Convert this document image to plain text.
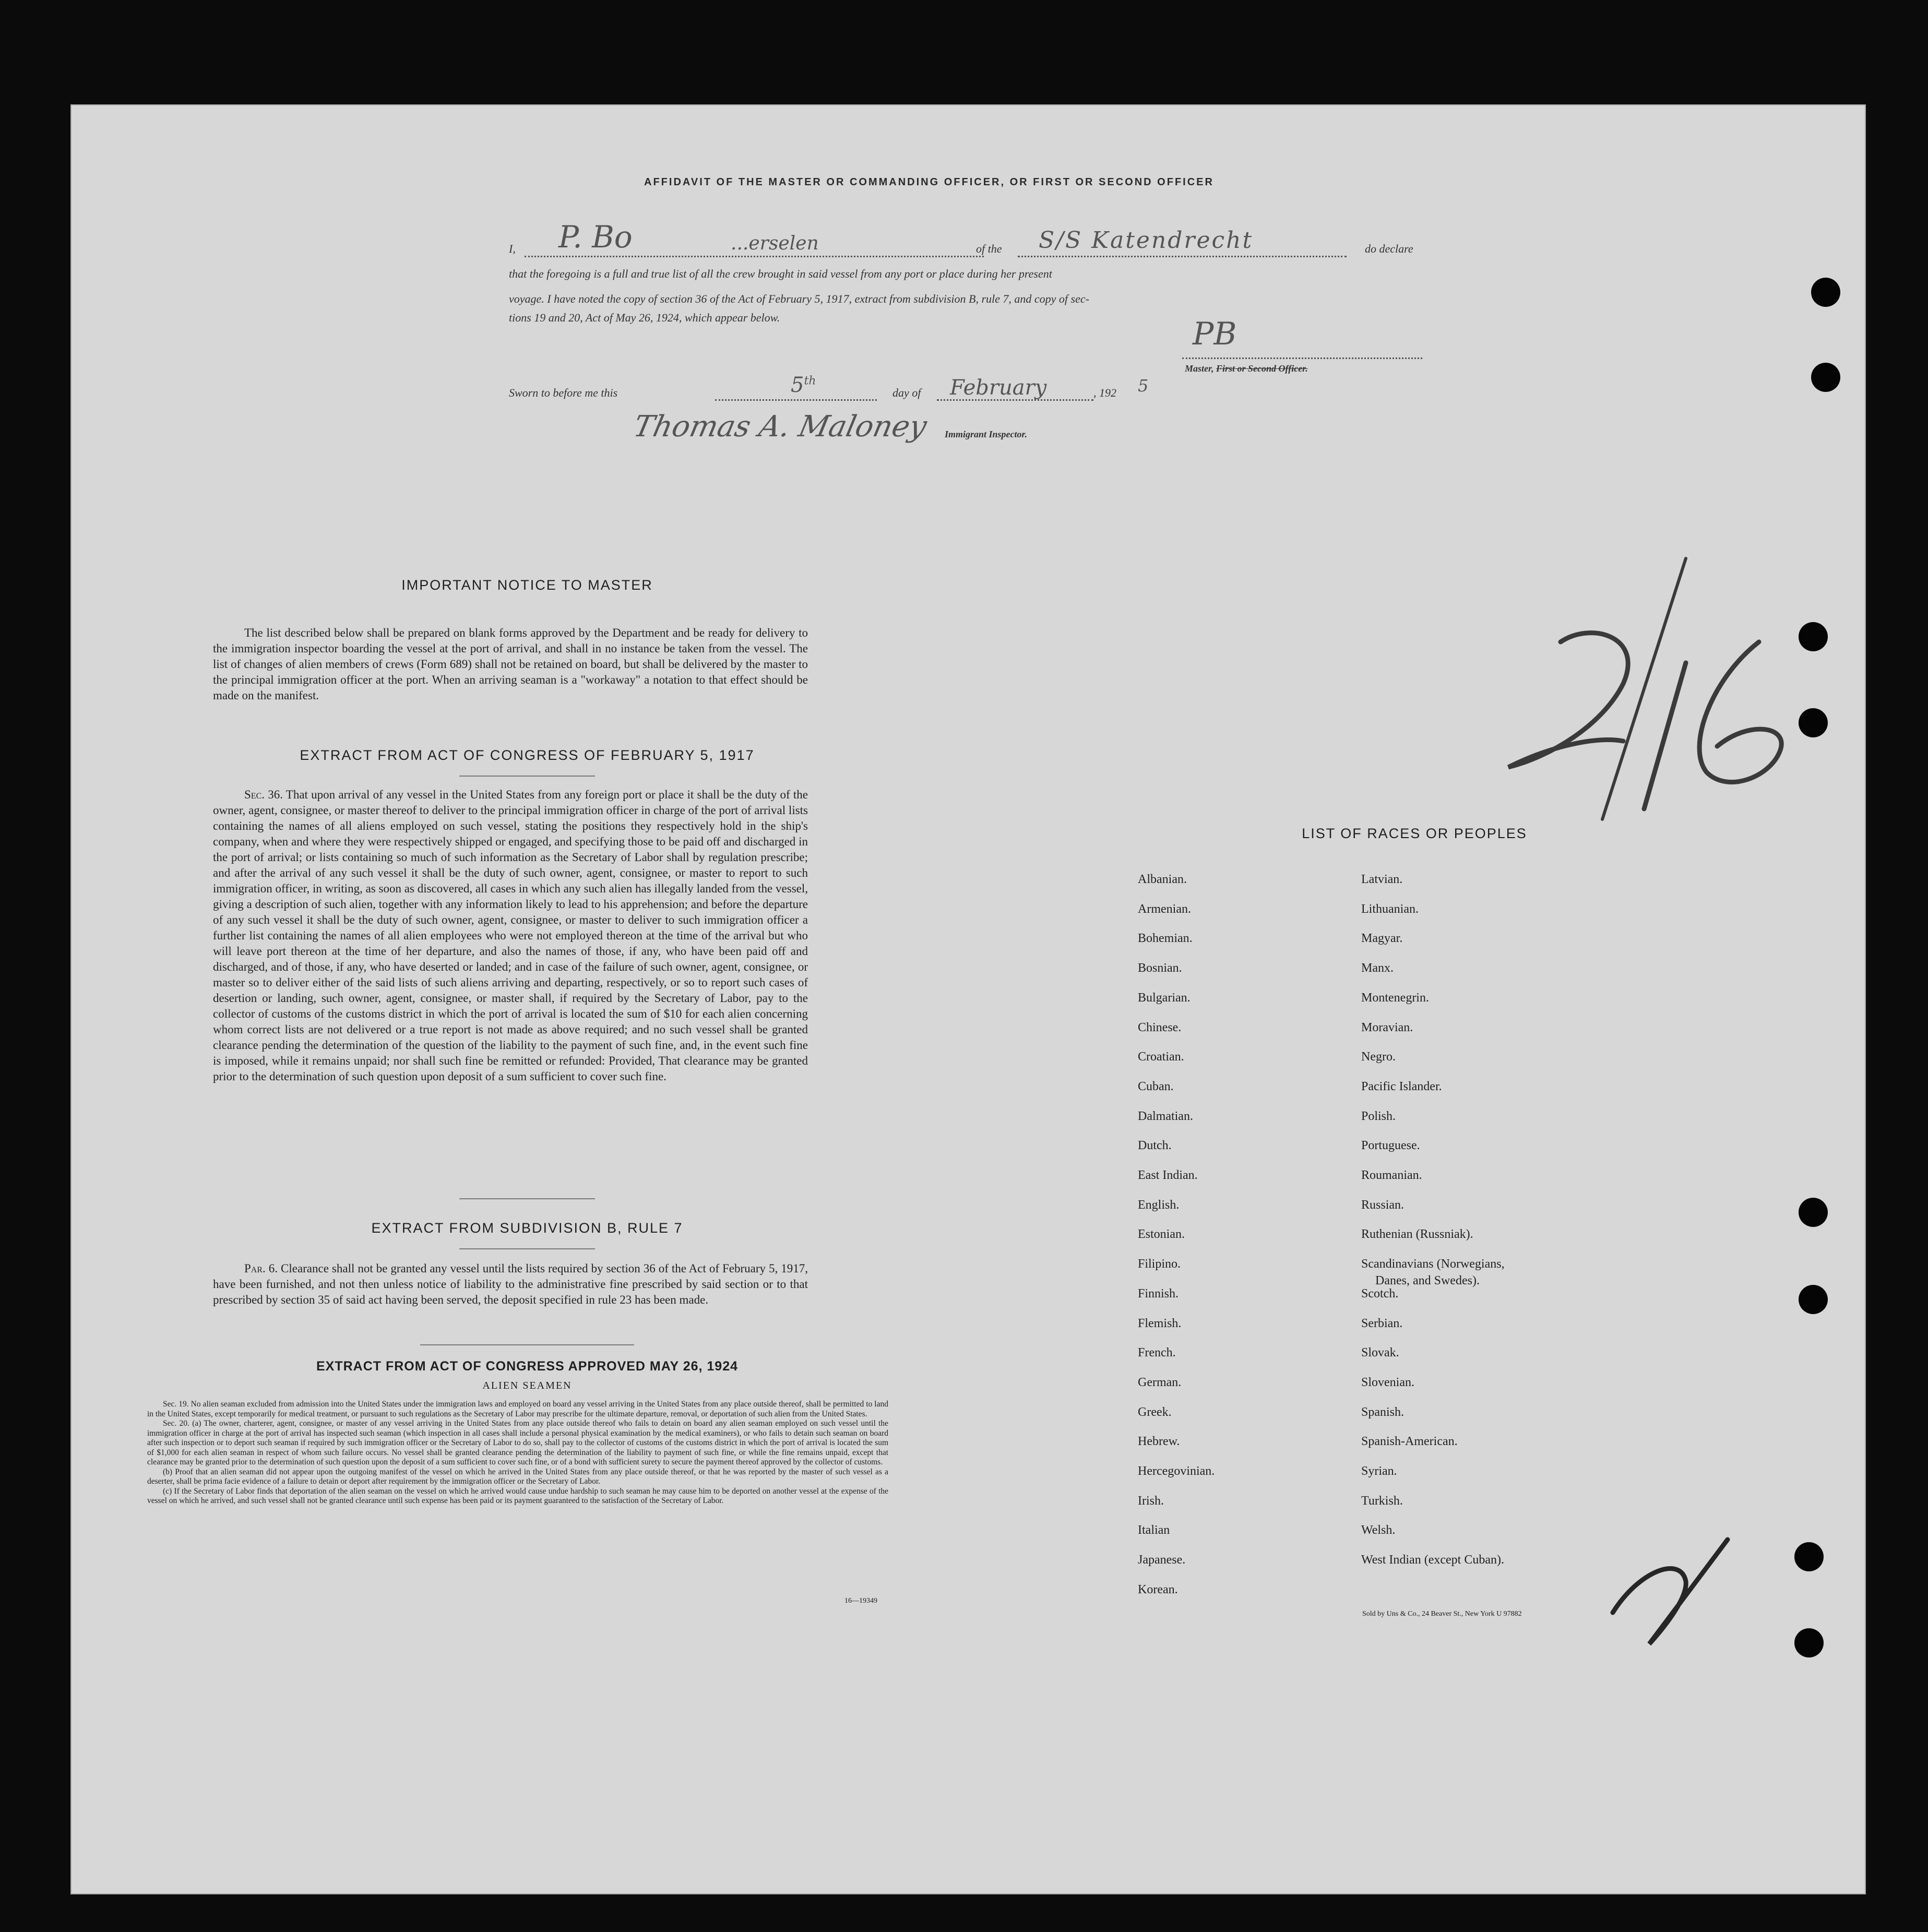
AFFIDAVIT OF THE MASTER OR COMMANDING OFFICER, OR FIRST OR SECOND OFFICER
I,	of the	do declare
P. Bo	...erselen	S/S Katendrecht
that the foregoing is a full and true list of all the crew brought in said vessel from any port or place during her present
voyage. I have noted the copy of section 36 of the Act of February 5, 1917, extract from subdivision B, rule 7, and copy of sec-
tions 19 and 20, Act of May 26, 1924, which appear below.	PB
Master, First or Second Officer.
Sworn to before me this	day of	, 192
5th	February	5
Thomas A. Maloney Immigrant Inspector.
IMPORTANT NOTICE TO MASTER
The list described below shall be prepared on blank forms approved by the Department and be ready for delivery to the immigration inspector boarding the vessel at the port of arrival, and shall in no instance be taken from the vessel. The list of changes of alien members of crews (Form 689) shall not be retained on board, but shall be delivered by the master to the principal immigration officer at the port. When an arriving seaman is a "workaway" a notation to that effect should be made on the manifest.
EXTRACT FROM ACT OF CONGRESS OF FEBRUARY 5, 1917
Sec. 36. That upon arrival of any vessel in the United States from any foreign port or place it shall be the duty of the owner, agent, consignee, or master thereof to deliver to the principal immigration officer in charge of the port of arrival lists containing the names of all aliens employed on such vessel, stating the positions they respectively hold in the ship's company, when and where they were respectively shipped or engaged, and specifying those to be paid off and discharged in the port of arrival; or lists containing so much of such information as the Secretary of Labor shall by regulation prescribe; and after the arrival of any such vessel it shall be the duty of such owner, agent, consignee, or master to report to such immigration officer, in writing, as soon as discovered, all cases in which any such alien has illegally landed from the vessel, giving a description of such alien, together with any information likely to lead to his apprehension; and before the departure of any such vessel it shall be the duty of such owner, agent, consignee, or master to deliver to such immigration officer a further list containing the names of all alien employees who were not employed thereon at the time of the arrival but who will leave port thereon at the time of her departure, and also the names of those, if any, who have been paid off and discharged, and of those, if any, who have deserted or landed; and in case of the failure of such owner, agent, consignee, or master so to deliver either of the said lists of such aliens arriving and departing, respectively, or so to report such cases of desertion or landing, such owner, agent, consignee, or master shall, if required by the Secretary of Labor, pay to the collector of customs of the customs district in which the port of arrival is located the sum of $10 for each alien concerning whom correct lists are not delivered or a true report is not made as above required; and no such vessel shall be granted clearance pending the determination of the question of the liability to the payment of such fine, and, in the event such fine is imposed, while it remains unpaid; nor shall such fine be remitted or refunded: Provided, That clearance may be granted prior to the determination of such question upon deposit of a sum sufficient to cover such fine.
EXTRACT FROM SUBDIVISION B, RULE 7
Par. 6. Clearance shall not be granted any vessel until the lists required by section 36 of the Act of February 5, 1917, have been furnished, and not then unless notice of liability to the administrative fine prescribed by said section or to that prescribed by section 35 of said act having been served, the deposit specified in rule 23 has been made.
EXTRACT FROM ACT OF CONGRESS APPROVED MAY 26, 1924
ALIEN SEAMEN
Sec. 19. No alien seaman excluded from admission into the United States under the immigration laws and employed on board any vessel arriving in the United States from any place outside thereof, shall be permitted to land in the United States, except temporarily for medical treatment, or pursuant to such regulations as the Secretary of Labor may prescribe for the ultimate departure, removal, or deportation of such alien from the United States.
Sec. 20. (a) The owner, charterer, agent, consignee, or master of any vessel arriving in the United States from any place outside thereof who fails to detain on board any alien seaman employed on such vessel until the immigration officer in charge at the port of arrival has inspected such seaman (which inspection in all cases shall include a personal physical examination by the medical examiners), or who fails to detain such seaman on board after such inspection or to deport such seaman if required by such immigration officer or the Secretary of Labor to do so, shall pay to the collector of customs of the customs district in which the port of arrival is located the sum of $1,000 for each alien seaman in respect of whom such failure occurs. No vessel shall be granted clearance pending the determination of the liability to payment of such fine, or while the fine remains unpaid, except that clearance may be granted prior to the determination of such question upon the deposit of a sum sufficient to cover such fine, or of a bond with sufficient surety to secure the payment thereof approved by the collector of customs.
(b) Proof that an alien seaman did not appear upon the outgoing manifest of the vessel on which he arrived in the United States from any place outside thereof, or that he was reported by the master of such vessel as a deserter, shall be prima facie evidence of a failure to detain or deport after requirement by the immigration officer or the Secretary of Labor.
(c) If the Secretary of Labor finds that deportation of the alien seaman on the vessel on which he arrived would cause undue hardship to such seaman he may cause him to be deported on another vessel at the expense of the vessel on which he arrived, and such vessel shall not be granted clearance until such expense has been paid or its payment guaranteed to the satisfaction of the Secretary of Labor.
16—19349
LIST OF RACES OR PEOPLES
Albanian.
Armenian.
Bohemian.
Bosnian.
Bulgarian.
Chinese.
Croatian.
Cuban.
Dalmatian.
Dutch.
East Indian.
English.
Estonian.
Filipino.
Finnish.
Flemish.
French.
German.
Greek.
Hebrew.
Hercegovinian.
Irish.
Italian
Japanese.
Korean.
Latvian.
Lithuanian.
Magyar.
Manx.
Montenegrin.
Moravian.
Negro.
Pacific Islander.
Polish.
Portuguese.
Roumanian.
Russian.
Ruthenian (Russniak).
Scandinavians (Norwegians,
Danes, and Swedes).
Scotch.
Serbian.
Slovak.
Slovenian.
Spanish.
Spanish-American.
Syrian.
Turkish.
Welsh.
West Indian (except Cuban).
Sold by Uns & Co., 24 Beaver St., New York U 97882
